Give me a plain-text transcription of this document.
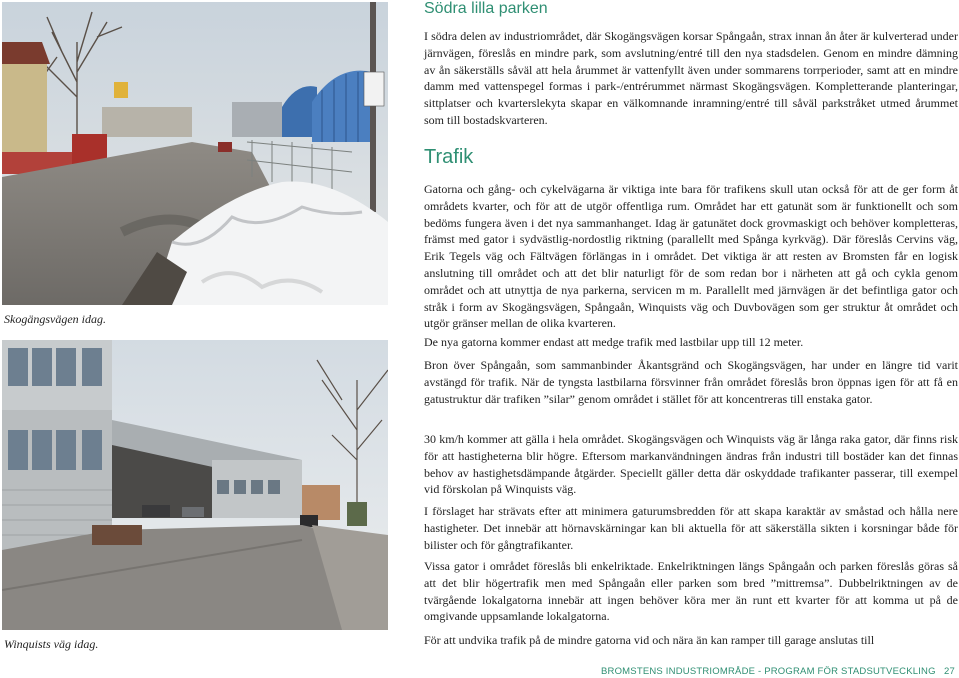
Skogängsvägen idag.
Winquists väg idag.
Södra lilla parken

I södra delen av industriområdet, där Skogängsvägen korsar Spångaån, strax innan ån åter är kulverterad under järnvägen, föreslås en mindre park, som avslutning/entré till den nya stadsdelen. Genom en mindre dämning av ån säkerställs såväl att hela årummet är vattenfyllt även under sommarens torrperioder, samt att en mindre damm med vattenspegel formas i park-/entrérummet närmast Skogängsvägen. Kompletterande planteringar, sittplatser och kvarterslekyta skapar en välkomnande inramning/entré till såväl parkstråket utmed årummet som till bostadskvarteren.

Trafik

Gatorna och gång- och cykelvägarna är viktiga inte bara för trafikens skull utan också för att de ger form åt områdets kvarter, och för att de utgör offentliga rum. Området har ett gatunät som är funktionellt och som bedöms fungera även i det nya sammanhanget. Idag är gatunätet dock grovmaskigt och behöver kompletteras, främst med gator i sydvästlig-nordostlig riktning (parallellt med Spånga kyrkväg). Där föreslås Cervins väg, Erik Tegels väg och Fältvägen förlängas in i området. Det viktiga är att resten av Bromsten får en logisk anslutning till området och att det blir naturligt för de som redan bor i närheten att gå och cykla genom området och att utnyttja de nya parkerna, servicen m m. Parallellt med järnvägen är det befintliga gator och stråk i form av Skogängsvägen, Spångaån, Winquists väg och Duvbovägen som ger struktur åt området och utgör gränser mellan de olika kvarteren.

De nya gatorna kommer endast att medge trafik med lastbilar upp till 12 meter.

Bron över Spångaån, som sammanbinder Åkantsgränd och Skogängsvägen, har under en längre tid varit avstängd för trafik. När de tyngsta lastbilarna försvinner från området föreslås bron öppnas igen för att få en gatustruktur där trafiken ”silar” genom området i stället för att koncentreras till enstaka gator.

30 km/h kommer att gälla i hela området. Skogängsvägen och Winquists väg är långa raka gator, där finns risk för att hastigheterna blir högre. Eftersom markanvändningen ändras från industri till bostäder kan det finnas behov av hastighetsdämpande åtgärder. Speciellt gäller detta där oskyddade trafikanter passerar, till exempel vid förskolan på Winquists väg.

I förslaget har strävats efter att minimera gaturumsbredden för att skapa karaktär av småstad och hålla nere hastigheter. Det innebär att hörnavskärningar kan bli aktuella för att säkerställa sikten i korsningar både för bilister och för gångtrafikanter.

Vissa gator i området föreslås bli enkelriktade. Enkelriktningen längs Spångaån och parken föreslås göras så att det blir högertrafik men med Spångaån eller parken som bred ”mittremsa”. Dubbelriktningen av de tvärgående lokalgatorna innebär att ingen behöver köra mer än runt ett kvarter för att komma ut på de omgivande uppsamlande lokalgatorna.

För att undvika trafik på de mindre gatorna vid och nära än kan ramper till garage anslutas till

BROMSTENS INDUSTRIOMRÅDE - PROGRAM FÖR STADSUTVECKLING 27
